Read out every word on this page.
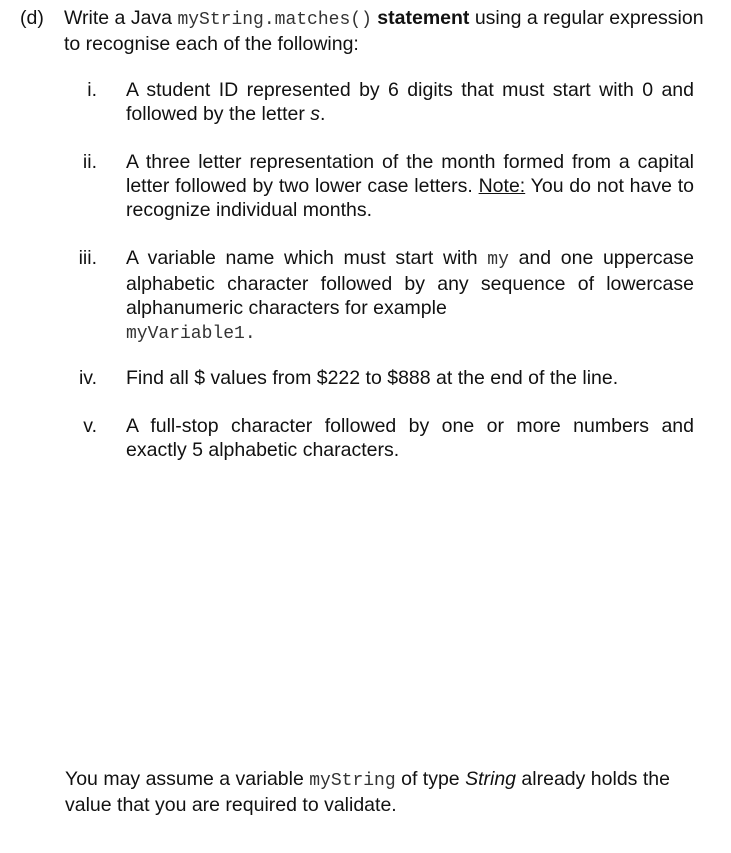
(d) Write a Java myString.matches() statement using a regular expression to recognise each of the following:
i. A student ID represented by 6 digits that must start with 0 and followed by the letter s.
ii. A three letter representation of the month formed from a capital letter followed by two lower case letters. Note: You do not have to recognize individual months.
iii. A variable name which must start with my and one uppercase alphabetic character followed by any sequence of lowercase alphanumeric characters for example
myVariable1.
iv. Find all $ values from $222 to $888 at the end of the line.
v. A full-stop character followed by one or more numbers and exactly 5 alphabetic characters.
You may assume a variable myString of type String already holds the value that you are required to validate.
